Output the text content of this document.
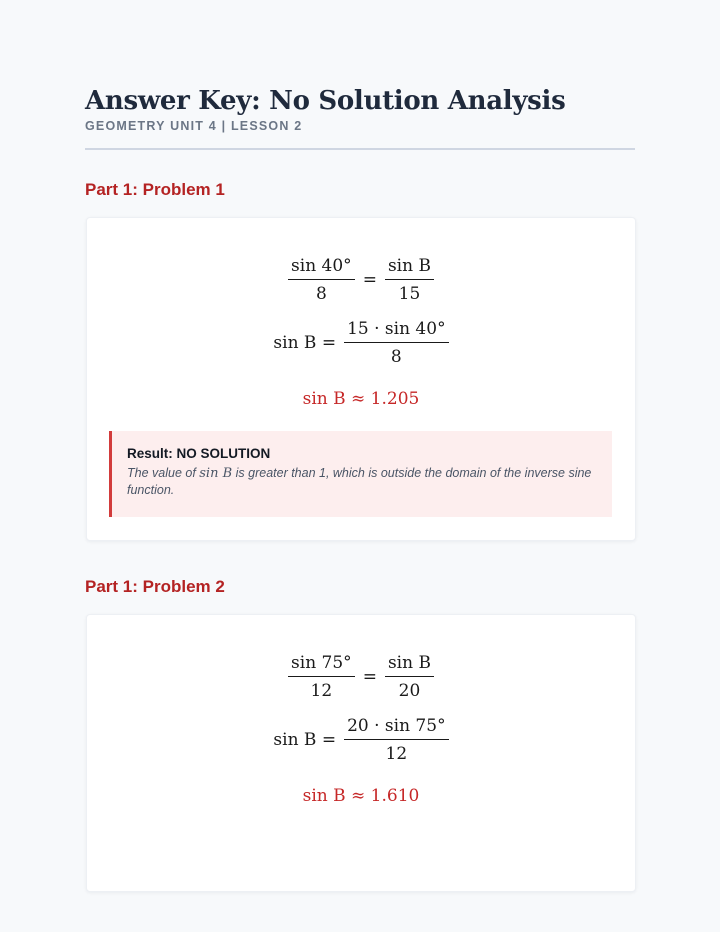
Answer Key: No Solution Analysis
GEOMETRY UNIT 4 | LESSON 2
Part 1: Problem 1
$\frac{\sin 40^\circ}{8} = \frac{\text{sin B}}{15}$
$\sin B = \frac{15 \cdot \sin 40^\circ}{8}$
sin B ≈ 1.205
Result: NO SOLUTION
The value of sin B is greater than 1, which is outside the domain of the inverse sine function.
Part 1: Problem 2
$\frac{\sin 75^\circ}{12} = \frac{\text{sin B}}{20}$
$\sin B = \frac{20 \cdot \sin 75^\circ}{12}$
sin B ≈ 1.610
